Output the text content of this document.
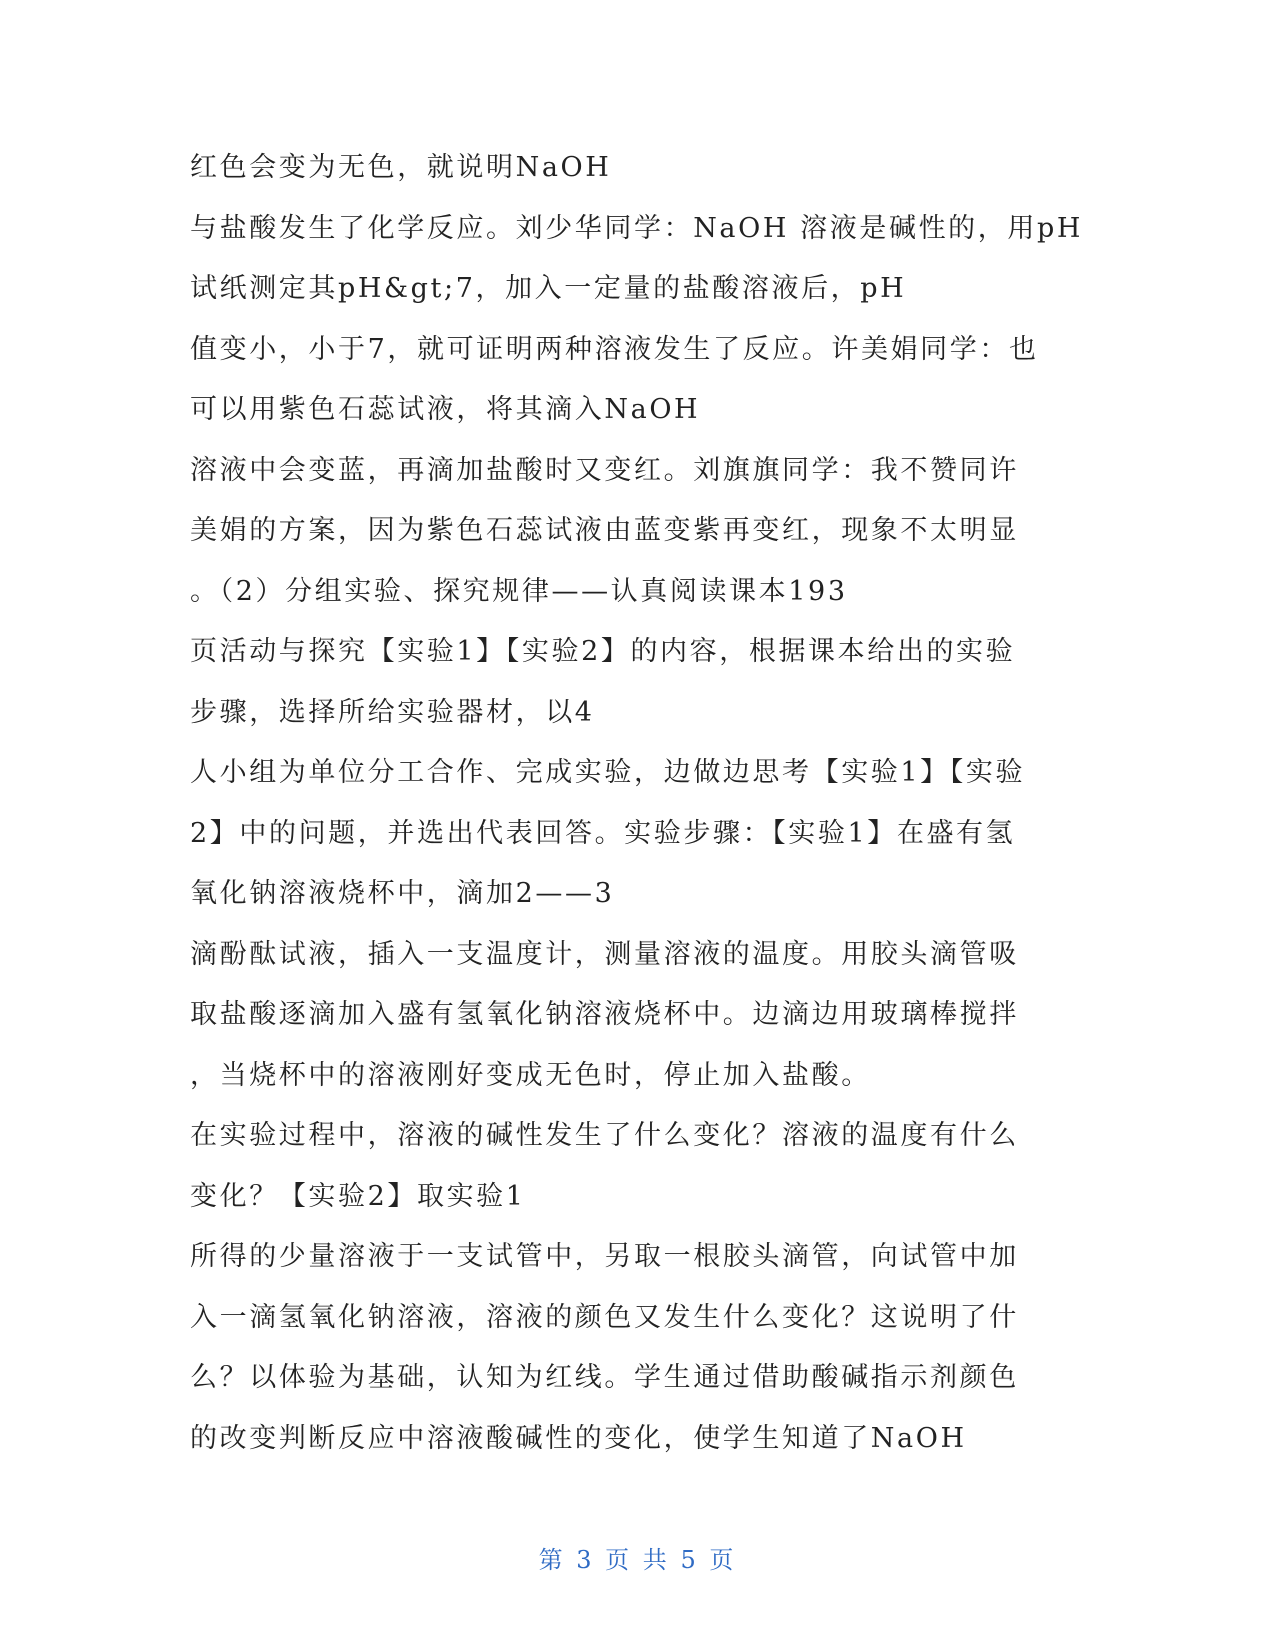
红色会变为无色，就说明NaOH
与盐酸发生了化学反应。刘少华同学：NaOH 溶液是碱性的，用pH
试纸测定其pH&gt;7，加入一定量的盐酸溶液后，pH
值变小，小于7，就可证明两种溶液发生了反应。许美娟同学：也
可以用紫色石蕊试液，将其滴入NaOH
溶液中会变蓝，再滴加盐酸时又变红。刘旗旗同学：我不赞同许
美娟的方案，因为紫色石蕊试液由蓝变紫再变红，现象不太明显
。（2）分组实验、探究规律——认真阅读课本193
页活动与探究【实验1】【实验2】的内容，根据课本给出的实验
步骤，选择所给实验器材，以4
人小组为单位分工合作、完成实验，边做边思考【实验1】【实验
2】中的问题，并选出代表回答。实验步骤：【实验1】在盛有氢
氧化钠溶液烧杯中，滴加2——3
滴酚酞试液，插入一支温度计，测量溶液的温度。用胶头滴管吸
取盐酸逐滴加入盛有氢氧化钠溶液烧杯中。边滴边用玻璃棒搅拌
，当烧杯中的溶液刚好变成无色时，停止加入盐酸。
在实验过程中，溶液的碱性发生了什么变化？溶液的温度有什么
变化？【实验2】取实验1
所得的少量溶液于一支试管中，另取一根胶头滴管，向试管中加
入一滴氢氧化钠溶液，溶液的颜色又发生什么变化？这说明了什
么？以体验为基础，认知为红线。学生通过借助酸碱指示剂颜色
的改变判断反应中溶液酸碱性的变化，使学生知道了NaOH
第 3 页 共 5 页
